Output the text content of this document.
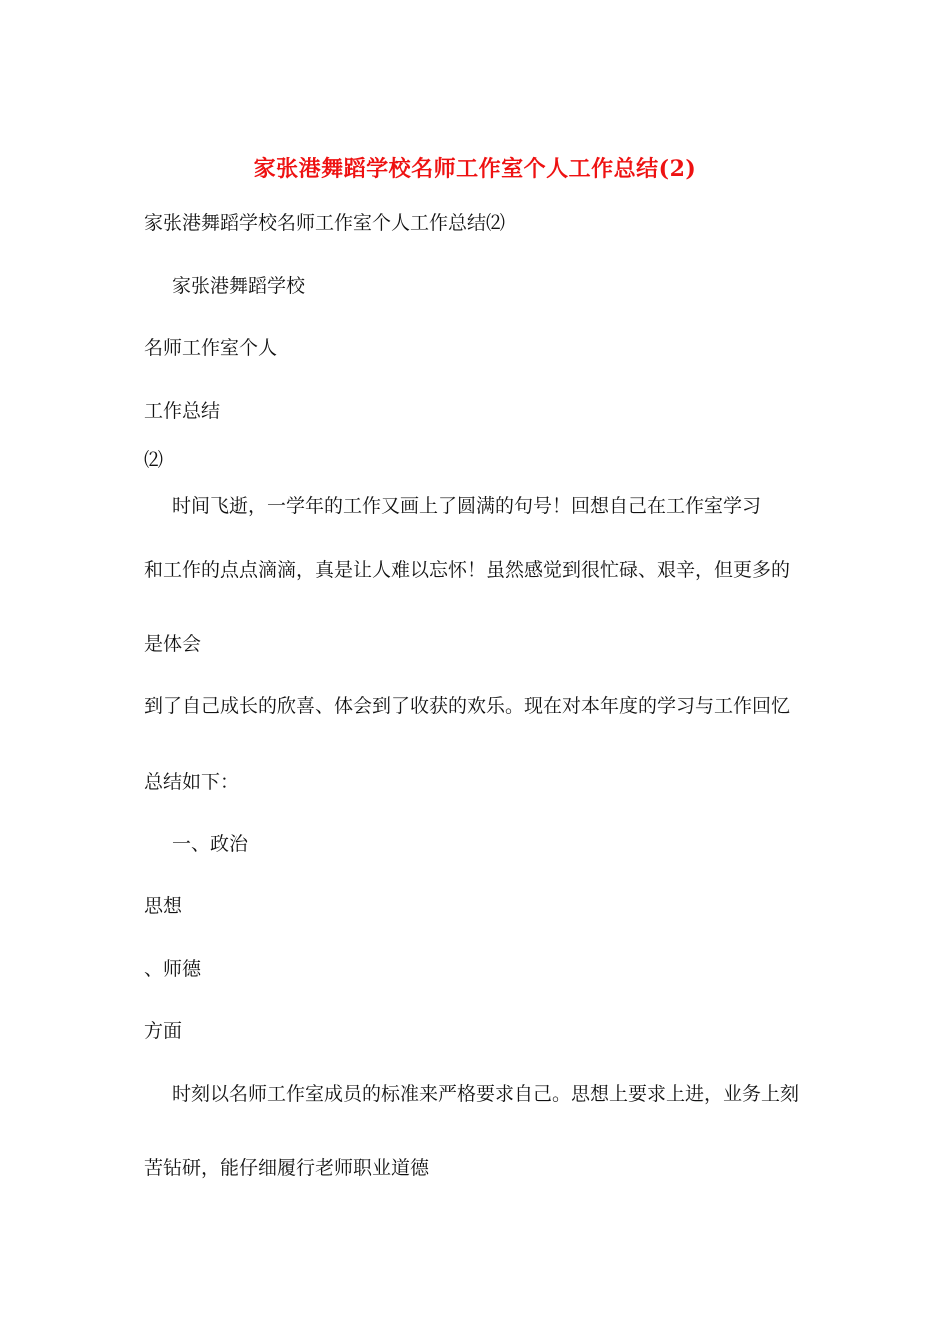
家张港舞蹈学校名师工作室个人工作总结(2)
家张港舞蹈学校名师工作室个人工作总结⑵
家张港舞蹈学校
名师工作室个人
工作总结
⑵
时间飞逝，一学年的工作又画上了圆满的句号！回想自己在工作室学习
和工作的点点滴滴，真是让人难以忘怀！虽然感觉到很忙碌、艰辛，但更多的
是体会
到了自己成长的欣喜、体会到了收获的欢乐。现在对本年度的学习与工作回忆
总结如下：
一、政治
思想
、师德
方面
时刻以名师工作室成员的标准来严格要求自己。思想上要求上进，业务上刻
苦钻研，能仔细履行老师职业道德
